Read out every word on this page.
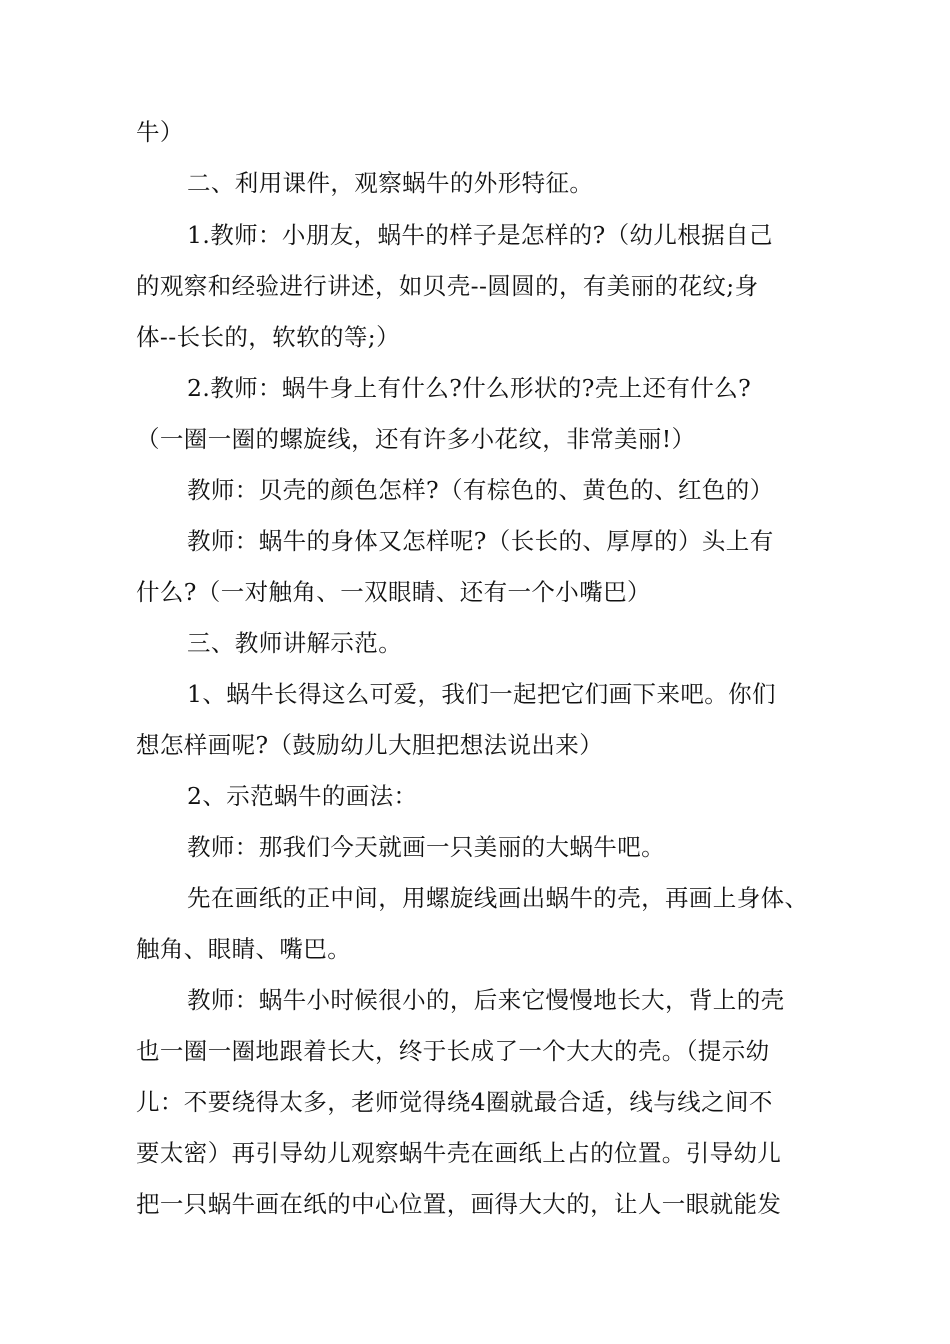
牛）
二、利用课件，观察蜗牛的外形特征。
1.教师：小朋友，蜗牛的样子是怎样的?（幼儿根据自己
的观察和经验进行讲述，如贝壳--圆圆的，有美丽的花纹;身
体--长长的，软软的等;）
2.教师：蜗牛身上有什么?什么形状的?壳上还有什么?
（一圈一圈的螺旋线，还有许多小花纹，非常美丽!）
教师：贝壳的颜色怎样?（有棕色的、黄色的、红色的）
教师：蜗牛的身体又怎样呢?（长长的、厚厚的）头上有
什么?（一对触角、一双眼睛、还有一个小嘴巴）
三、教师讲解示范。
1、蜗牛长得这么可爱，我们一起把它们画下来吧。你们
想怎样画呢?（鼓励幼儿大胆把想法说出来）
2、示范蜗牛的画法：
教师：那我们今天就画一只美丽的大蜗牛吧。
先在画纸的正中间，用螺旋线画出蜗牛的壳，再画上身体、
触角、眼睛、嘴巴。
教师：蜗牛小时候很小的，后来它慢慢地长大，背上的壳
也一圈一圈地跟着长大，终于长成了一个大大的壳。（提示幼
儿：不要绕得太多，老师觉得绕4圈就最合适，线与线之间不
要太密）再引导幼儿观察蜗牛壳在画纸上占的位置。引导幼儿
把一只蜗牛画在纸的中心位置，画得大大的，让人一眼就能发
